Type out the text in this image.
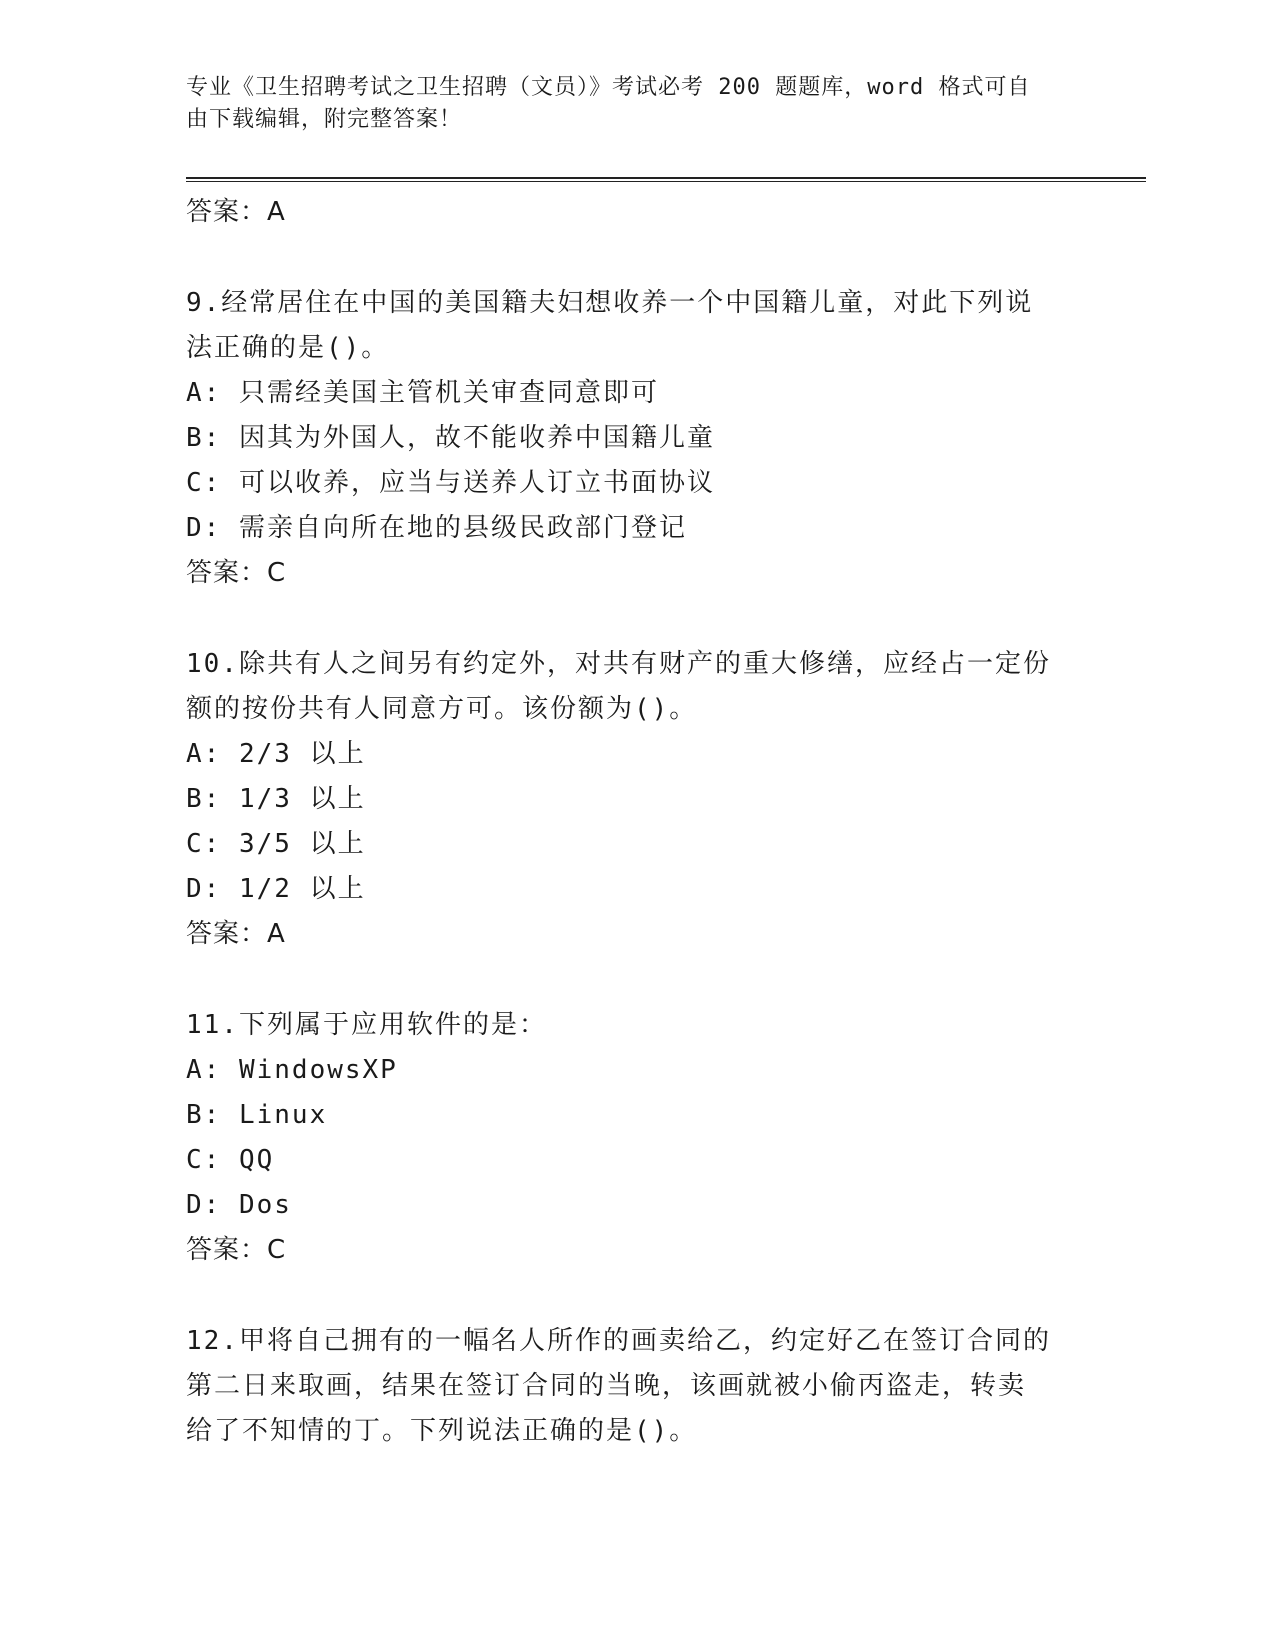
专业《卫生招聘考试之卫生招聘（文员）》考试必考 200 题题库，word 格式可自
由下载编辑，附完整答案！
答案：A
9.经常居住在中国的美国籍夫妇想收养一个中国籍儿童，对此下列说
法正确的是()。
A: 只需经美国主管机关审查同意即可
B: 因其为外国人，故不能收养中国籍儿童
C: 可以收养，应当与送养人订立书面协议
D: 需亲自向所在地的县级民政部门登记
答案：C
10.除共有人之间另有约定外，对共有财产的重大修缮，应经占一定份
额的按份共有人同意方可。该份额为()。
A: 2/3 以上
B: 1/3 以上
C: 3/5 以上
D: 1/2 以上
答案：A
11.下列属于应用软件的是：
A: WindowsXP
B: Linux
C: QQ
D: Dos
答案：C
12.甲将自己拥有的一幅名人所作的画卖给乙，约定好乙在签订合同的
第二日来取画，结果在签订合同的当晚，该画就被小偷丙盗走，转卖
给了不知情的丁。下列说法正确的是()。
